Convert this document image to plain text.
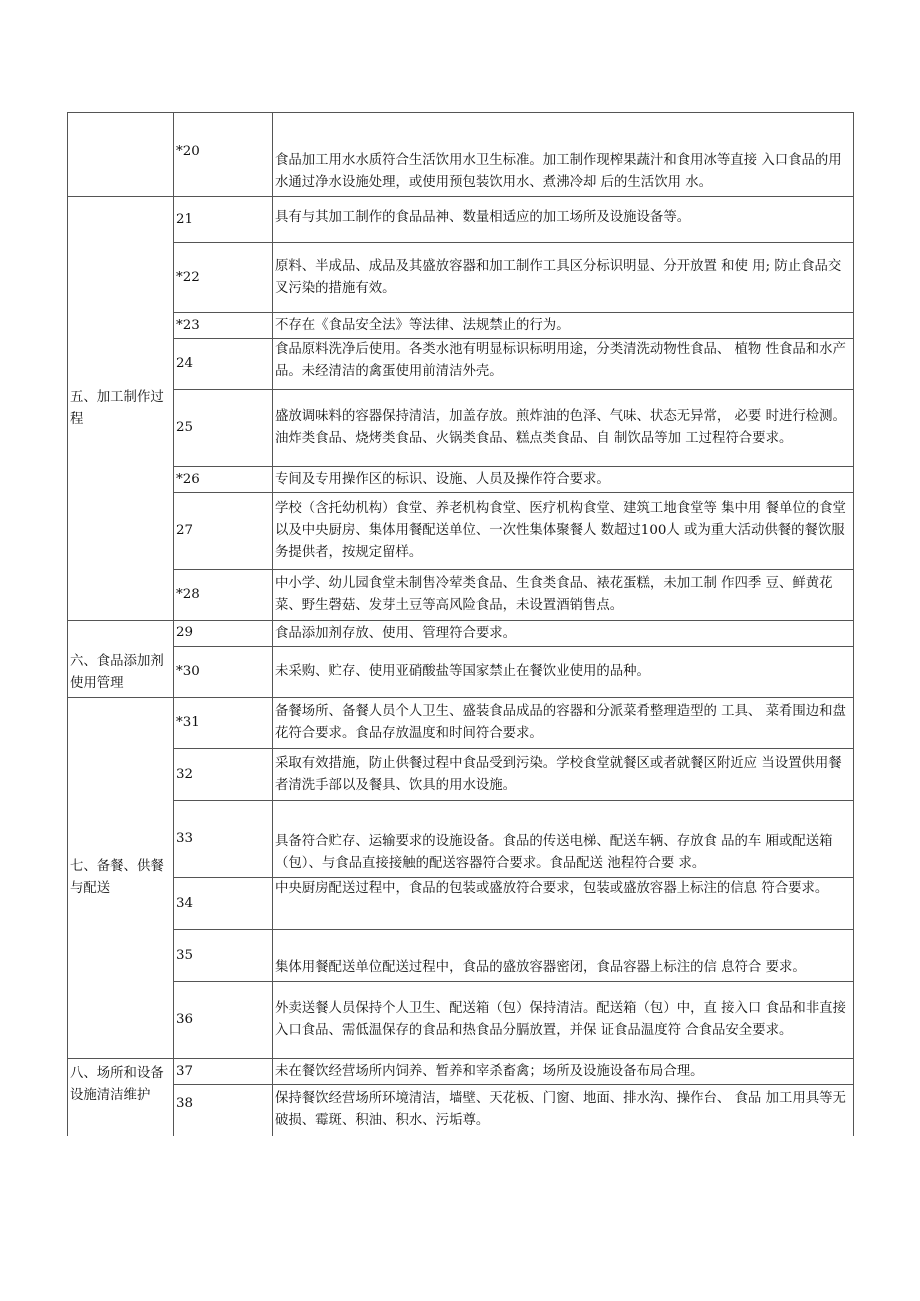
	*20	食品加工用水水质符合生活饮用水卫生标准。加工制作现榨果蔬汁和食用冰等直接 入口食品的用水通过净水设施处理，或使用预包装饮用水、煮沸冷却 后的生活饮用 水。
五、加工制作过程	21	具有与其加工制作的食品品神、数量相适应的加工场所及设施设备等。
	*22	原料、半成品、成品及其盛放容器和加工制作工具区分标识明显、分开放置 和使 用; 防止食品交叉污染的措施有效。
	*23	不存在《食品安全法》等法律、法规禁止的行为。
	24	食品原料洗净后使用。各类水池有明显标识标明用途，分类清洗动物性食品、 植物 性食品和水产品。未经清洁的禽蛋使用前清洁外壳。
	25	盛放调味料的容器保持清洁，加盖存放。煎炸油的色泽、气味、状态无异常， 必要 时进行检测。油炸类食品、烧烤类食品、火锅类食品、糕点类食品、自 制饮品等加 工过程符合要求。
	*26	专间及专用操作区的标识、设施、人员及操作符合要求。
	27	学校（含托幼机构）食堂、养老机构食堂、医疗机构食堂、建筑工地食堂等 集中用 餐单位的食堂以及中央厨房、集体用餐配送单位、一次性集体聚餐人 数超过100人 或为重大活动供餐的餐饮服务提供者，按规定留样。
	*28	中小学、幼儿园食堂未制售冷荤类食品、生食类食品、裱花蛋糕，未加工制 作四季 豆、鲜黄花菜、野生磬菇、发芽土豆等高风险食品，未设置酒销售点。
六、食品添加剂使用管理	29	食品添加剂存放、使用、管理符合要求。
	*30	未采购、贮存、使用亚硝酸盐等国家禁止在餐饮业使用的品种。
七、备餐、供餐与配送	*31	备餐场所、备餐人员个人卫生、盛装食品成品的容器和分派菜肴整理造型的 工具、 菜肴围边和盘花符合要求。食品存放温度和时间符合要求。
	32	采取有效措施，防止供餐过程中食品受到污染。学校食堂就餐区或者就餐区附近应 当设置供用餐者清洗手部以及餐具、饮具的用水设施。
	33	具备符合贮存、运输要求的设施设备。食品的传送电梯、配送车辆、存放食 品的车 厢或配送箱（包）、与食品直接接触的配送容器符合要求。食品配送 池程符合要 求。
	34	中央厨房配送过程中，食品的包装或盛放符合要求，包装或盛放容器上标注的信息 符合要求。
	35	集体用餐配送单位配送过程中，食品的盛放容器密闭，食品容器上标注的信 息符合 要求。
	36	外卖送餐人员保持个人卫生、配送箱（包）保持清洁。配送箱（包）中，直 接入口 食品和非直接入口食品、需低温保存的食品和热食品分膈放置，并保 证食品温度符 合食品安全要求。
八、场所和设备设施清洁维护	37	未在餐饮经营场所内饲养、暂养和宰杀畜禽；场所及设施设备布局合理。
	38	保持餐饮经营场所环境清洁，墙壁、天花板、门窗、地面、排水沟、操作台、 食品 加工用具等无破损、霉斑、积油、积水、污垢尊。
